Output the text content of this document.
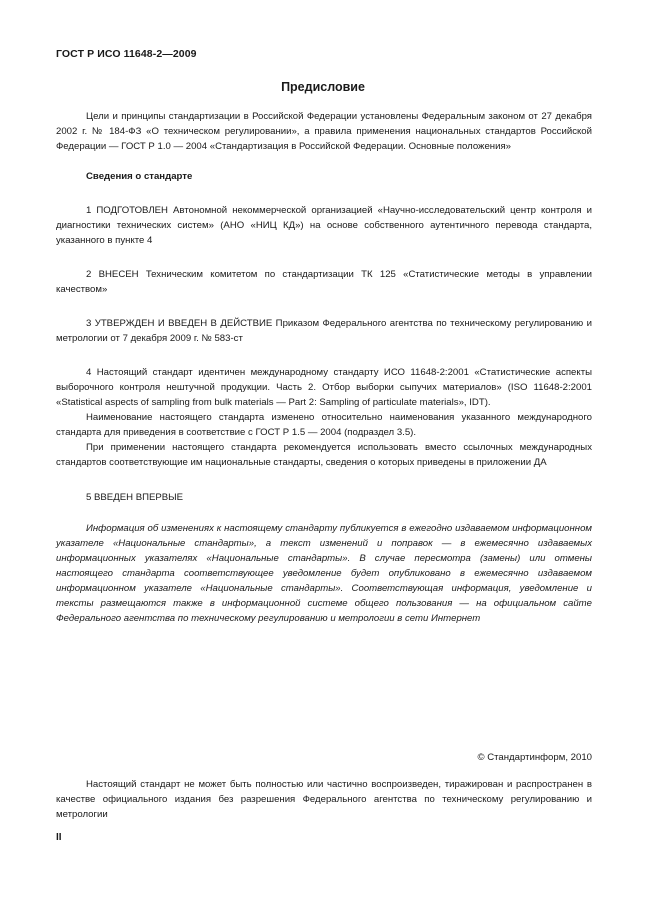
ГОСТ Р ИСО 11648-2—2009
Предисловие

Цели и принципы стандартизации в Российской Федерации установлены Федеральным законом от 27 декабря 2002 г. № 184-ФЗ «О техническом регулировании», а правила применения национальных стандартов Российской Федерации — ГОСТ Р 1.0 — 2004 «Стандартизация в Российской Федерации. Основные положения»

Сведения о стандарте

1 ПОДГОТОВЛЕН Автономной некоммерческой организацией «Научно-исследовательский центр контроля и диагностики технических систем» (АНО «НИЦ КД») на основе собственного аутентичного перевода стандарта, указанного в пункте 4

2 ВНЕСЕН Техническим комитетом по стандартизации ТК 125 «Статистические методы в управлении качеством»

3 УТВЕРЖДЕН И ВВЕДЕН В ДЕЙСТВИЕ Приказом Федерального агентства по техническому регулированию и метрологии от 7 декабря 2009 г. № 583-ст

4 Настоящий стандарт идентичен международному стандарту ИСО 11648-2:2001 «Статистические аспекты выборочного контроля нештучной продукции. Часть 2. Отбор выборки сыпучих материалов» (ISO 11648-2:2001 «Statistical aspects of sampling from bulk materials — Part 2: Sampling of particulate materials», IDT).

Наименование настоящего стандарта изменено относительно наименования указанного международного стандарта для приведения в соответствие с ГОСТ Р 1.5 — 2004 (подраздел 3.5).

При применении настоящего стандарта рекомендуется использовать вместо ссылочных международных стандартов соответствующие им национальные стандарты, сведения о которых приведены в приложении ДА

5 ВВЕДЕН ВПЕРВЫЕ

Информация об изменениях к настоящему стандарту публикуется в ежегодно издаваемом информационном указателе «Национальные стандарты», а текст изменений и поправок — в ежемесячно издаваемых информационных указателях «Национальные стандарты». В случае пересмотра (замены) или отмены настоящего стандарта соответствующее уведомление будет опубликовано в ежемесячно издаваемом информационном указателе «Национальные стандарты». Соответствующая информация, уведомление и тексты размещаются также в информационной системе общего пользования — на официальном сайте Федерального агентства по техническому регулированию и метрологии в сети Интернет
© Стандартинформ, 2010
Настоящий стандарт не может быть полностью или частично воспроизведен, тиражирован и распространен в качестве официального издания без разрешения Федерального агентства по техническому регулированию и метрологии
II
